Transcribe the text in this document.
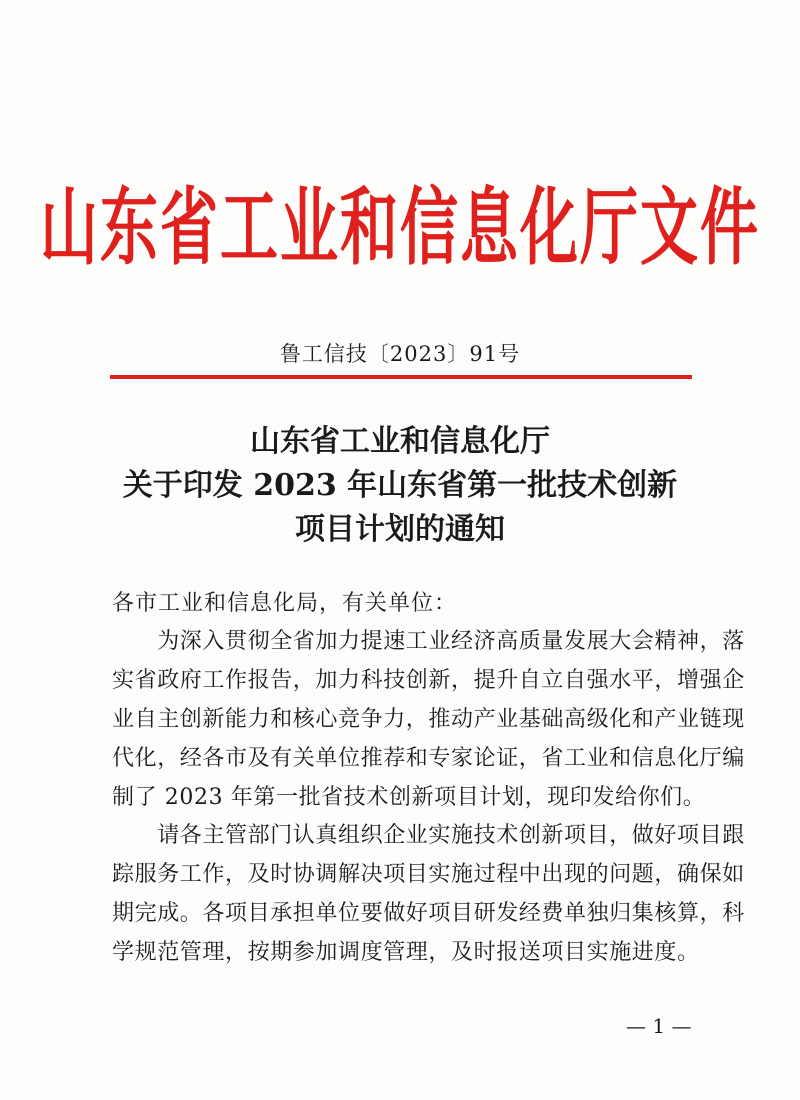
山东省工业和信息化厅文件
鲁工信技〔2023〕91号
山东省工业和信息化厅
关于印发 2023 年山东省第一批技术创新
项目计划的通知
各市工业和信息化局，有关单位：
　　为深入贯彻全省加力提速工业经济高质量发展大会精神，落
实省政府工作报告，加力科技创新，提升自立自强水平，增强企
业自主创新能力和核心竞争力，推动产业基础高级化和产业链现
代化，经各市及有关单位推荐和专家论证，省工业和信息化厅编
制了 2023 年第一批省技术创新项目计划，现印发给你们。
　　请各主管部门认真组织企业实施技术创新项目，做好项目跟
踪服务工作，及时协调解决项目实施过程中出现的问题，确保如
期完成。各项目承担单位要做好项目研发经费单独归集核算，科
学规范管理，按期参加调度管理，及时报送项目实施进度。
— 1 —
